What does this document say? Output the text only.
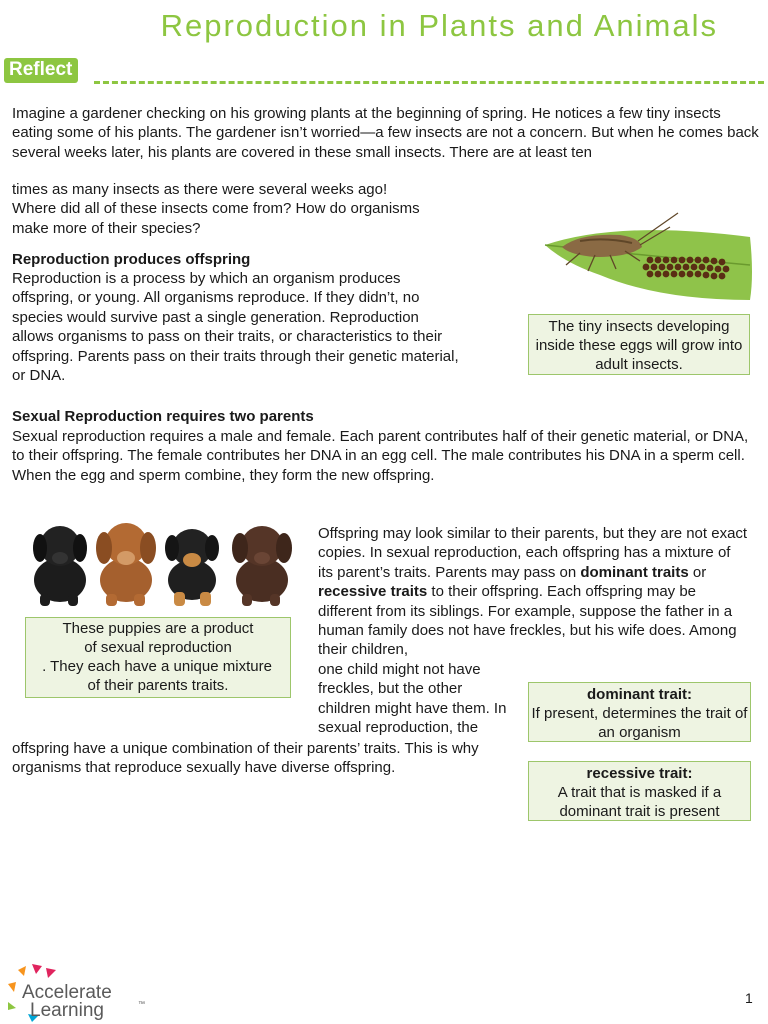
Reproduction in Plants and Animals
Reflect
Imagine a gardener checking on his growing plants at the beginning of spring. He notices a few tiny insects eating some of his plants. The gardener isn’t worried—a few insects are not a concern. But when he comes back several weeks later, his plants are covered in these small insects. There are at least ten
times as many insects as there were several weeks ago! Where did all of these insects come from? How do organisms make more of their species?
Reproduction produces offspring
Reproduction is a process by which an organism produces offspring, or young. All organisms reproduce. If they didn’t, no species would survive past a single generation. Reproduction allows organisms to pass on their traits, or characteristics to their offspring. Parents pass on their traits through their genetic material, or DNA.
The tiny insects developing inside these eggs will grow into adult insects.
Sexual Reproduction requires two parents
Sexual reproduction requires a male and female. Each parent contributes half of their genetic material, or DNA, to their offspring. The female contributes her DNA in an egg cell. The male contributes his DNA in a sperm cell. When the egg and sperm combine, they form the new offspring.
These puppies are a product
of sexual reproduction
. They each have a unique mixture
of their parents traits.
Offspring may look similar to their parents, but they are not exact copies. In sexual reproduction, each offspring has a mixture of its parent’s traits. Parents may pass on dominant traits or recessive traits to their offspring. Each offspring may be different from its siblings. For example, suppose the father in a human family does not have freckles, but his wife does. Among their children,
one child might not have freckles, but the other children might have them. In sexual reproduction, the
offspring have a unique combination of their parents’ traits. This is why organisms that reproduce sexually have diverse offspring.
dominant trait:
If present, determines the trait of an organism
recessive trait:
A trait that is masked if a dominant trait is present
Accelerate
Learning	™	1
